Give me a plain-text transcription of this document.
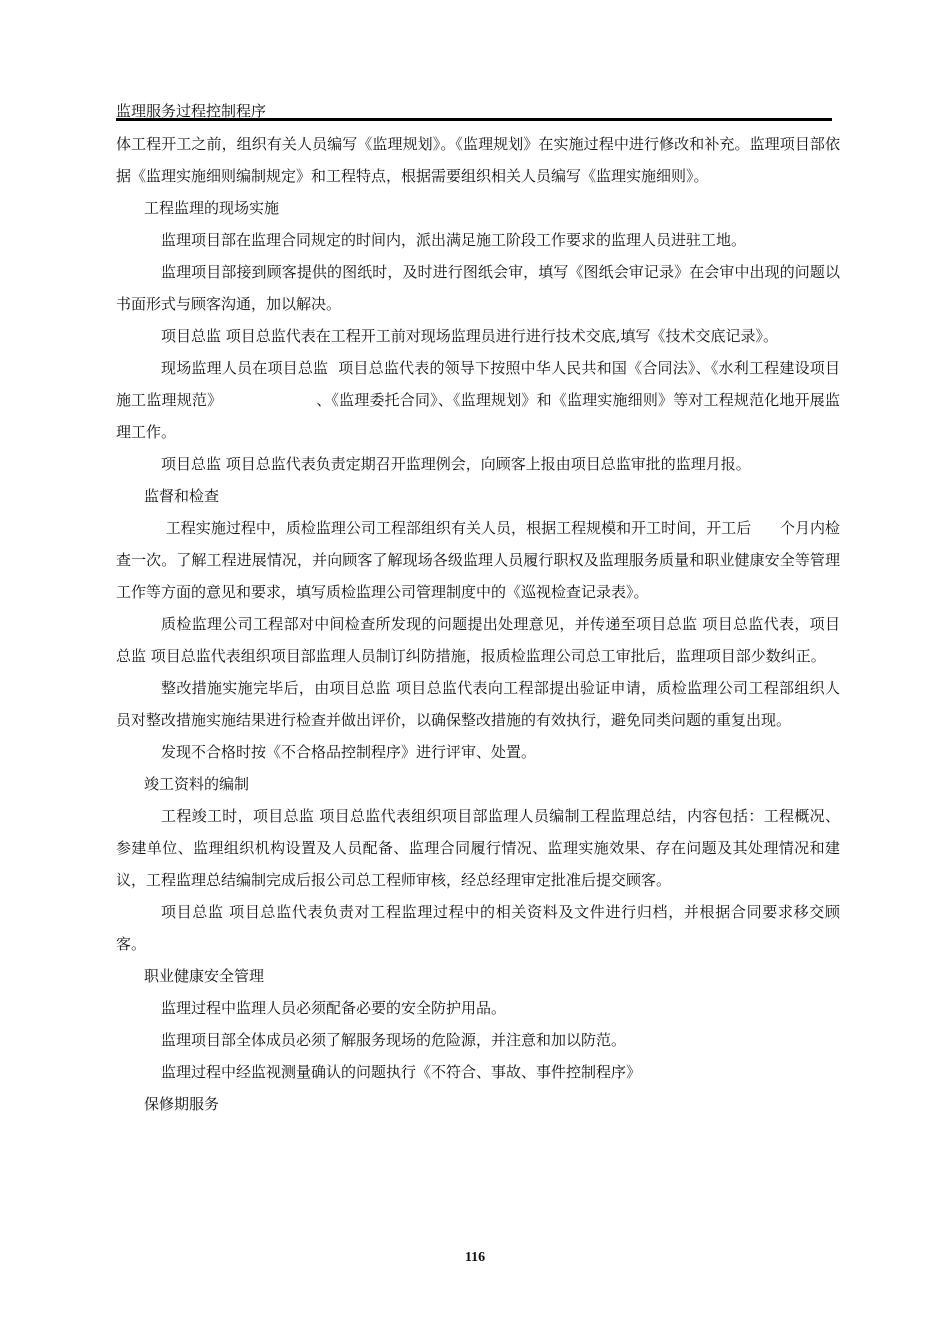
监理服务过程控制程序

体工程开工之前，组织有关人员编写《监理规划》。《监理规划》在实施过程中进行修改和补充。监理项目部依据《监理实施细则编制规定》和工程特点，根据需要组织相关人员编写《监理实施细则》。

工程监理的现场实施

监理项目部在监理合同规定的时间内，派出满足施工阶段工作要求的监理人员进驻工地。

监理项目部接到顾客提供的图纸时，及时进行图纸会审，填写《图纸会审记录》在会审中出现的问题以书面形式与顾客沟通，加以解决。

项目总监 项目总监代表在工程开工前对现场监理员进行进行技术交底,填写《技术交底记录》。

现场监理人员在项目总监  项目总监代表的领导下按照中华人民共和国《合同法》、《水利工程建设项目施工监理规范》                   、《监理委托合同》、《监理规划》和《监理实施细则》等对工程规范化地开展监理工作。

项目总监 项目总监代表负责定期召开监理例会，向顾客上报由项目总监审批的监理月报。

监督和检查

工程实施过程中，质检监理公司工程部组织有关人员，根据工程规模和开工时间，开工后      个月内检查一次。了解工程进展情况，并向顾客了解现场各级监理人员履行职权及监理服务质量和职业健康安全等管理工作等方面的意见和要求，填写质检监理公司管理制度中的《巡视检查记录表》。

质检监理公司工程部对中间检查所发现的问题提出处理意见，并传递至项目总监 项目总监代表，项目总监 项目总监代表组织项目部监理人员制订纠防措施，报质检监理公司总工审批后，监理项目部少数纠正。

整改措施实施完毕后，由项目总监 项目总监代表向工程部提出验证申请，质检监理公司工程部组织人员对整改措施实施结果进行检查并做出评价，以确保整改措施的有效执行，避免同类问题的重复出现。

发现不合格时按《不合格品控制程序》进行评审、处置。

竣工资料的编制

工程竣工时，项目总监 项目总监代表组织项目部监理人员编制工程监理总结，内容包括：工程概况、参建单位、监理组织机构设置及人员配备、监理合同履行情况、监理实施效果、存在问题及其处理情况和建议，工程监理总结编制完成后报公司总工程师审核，经总经理审定批准后提交顾客。

项目总监 项目总监代表负责对工程监理过程中的相关资料及文件进行归档，并根据合同要求移交顾客。

职业健康安全管理

监理过程中监理人员必须配备必要的安全防护用品。

监理项目部全体成员必须了解服务现场的危险源，并注意和加以防范。

监理过程中经监视测量确认的问题执行《不符合、事故、事件控制程序》

保修期服务

116
